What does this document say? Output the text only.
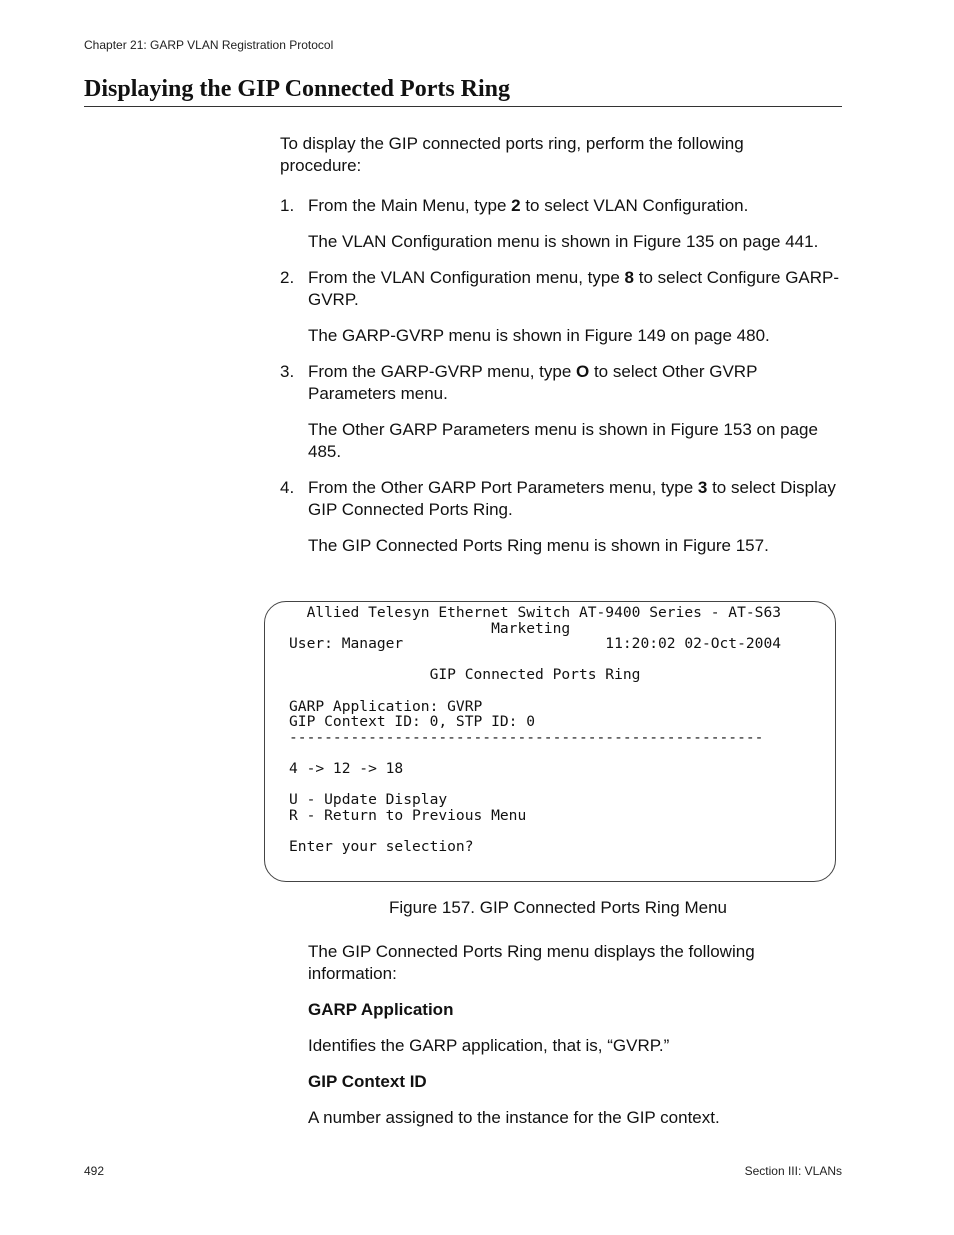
Chapter 21: GARP VLAN Registration Protocol
Displaying the GIP Connected Ports Ring

To display the GIP connected ports ring, perform the following procedure:

1. From the Main Menu, type 2 to select VLAN Configuration.

The VLAN Configuration menu is shown in Figure 135 on page 441.

2. From the VLAN Configuration menu, type 8 to select Configure GARP-GVRP.

The GARP-GVRP menu is shown in Figure 149 on page 480.

3. From the GARP-GVRP menu, type O to select Other GVRP Parameters menu.

The Other GARP Parameters menu is shown in Figure 153 on page 485.

4. From the Other GARP Port Parameters menu, type 3 to select Display GIP Connected Ports Ring.

The GIP Connected Ports Ring menu is shown in Figure 157.

Allied Telesyn Ethernet Switch AT-9400 Series - AT-S63
Marketing
User: Manager                       11:20:02 02-Oct-2004

GIP Connected Ports Ring

GARP Application: GVRP
GIP Context ID: 0, STP ID: 0
------------------------------------------------------

4 -> 12 -> 18

U - Update Display
R - Return to Previous Menu

Enter your selection?
Figure 157. GIP Connected Ports Ring Menu

The GIP Connected Ports Ring menu displays the following information:

GARP Application

Identifies the GARP application, that is, “GVRP.”

GIP Context ID

A number assigned to the instance for the GIP context.

492	Section III: VLANs
